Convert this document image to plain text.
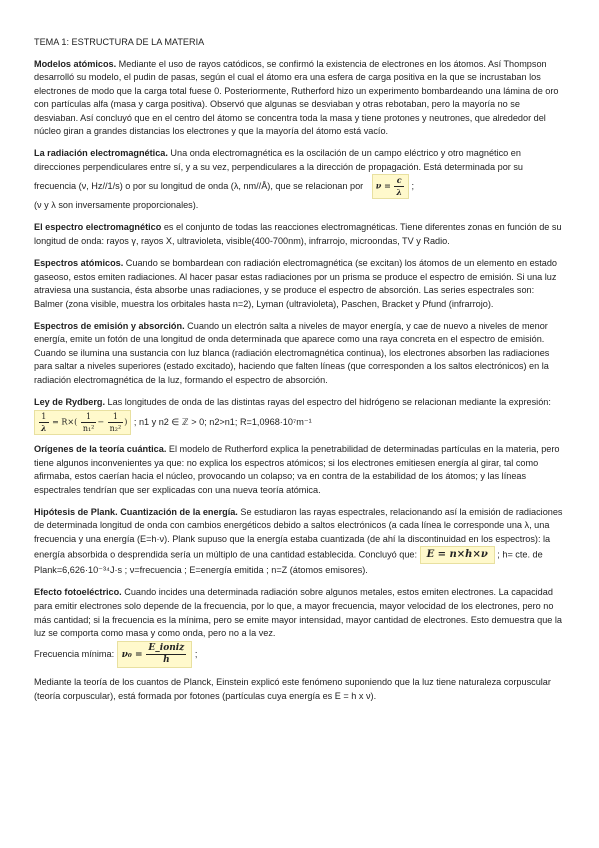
TEMA 1: ESTRUCTURA DE LA MATERIA

Modelos atómicos. Mediante el uso de rayos catódicos, se confirmó la existencia de electrones en los átomos. Así Thompson desarrolló su modelo, el pudin de pasas, según el cual el átomo era una esfera de carga positiva en la que se incrustaban los electrones de modo que la carga total fuese 0. Posteriormente, Rutherford hizo un experimento bombardeando una lámina de oro con partículas alfa (masa y carga positiva). Observó que algunas se desviaban y otras rebotaban, pero la mayoría no se desviaban. Así concluyó que en el centro del átomo se concentra toda la masa y tiene protones y neutrones, que alrededor del núcleo giran a grandes distancias los electrones y que la mayoría del átomo está vacío.

La radiación electromagnética. Una onda electromagnética es la oscilación de un campo eléctrico y otro magnético en direcciones perpendiculares entre sí, y a su vez, perpendiculares a la dirección de propagación. Está determinada por su frecuencia (ν, Hz//1/s) o por su longitud de onda (λ, nm//Å), que se relacionan por $\nu = \frac{c}{\lambda}$ ;
(ν y λ son inversamente proporcionales).

El espectro electromagnético es el conjunto de todas las reacciones electromagnéticas. Tiene diferentes zonas en función de su longitud de onda: rayos γ, rayos X, ultravioleta, visible(400-700nm), infrarrojo, microondas, TV y Radio.

Espectros atómicos. Cuando se bombardean con radiación electromagnética (se excitan) los átomos de un elemento en estado gaseoso, estos emiten radiaciones. Al hacer pasar estas radiaciones por un prisma se produce el espectro de emisión. Si una luz atraviesa una sustancia, ésta absorbe unas radiaciones, y se produce el espectro de absorción. Las series espectrales son: Balmer (zona visible, muestra los orbitales hasta n=2), Lyman (ultravioleta), Paschen, Bracket y Pfund (infrarrojo).

Espectros de emisión y absorción. Cuando un electrón salta a niveles de mayor energía, y cae de nuevo a niveles de menor energía, emite un fotón de una longitud de onda determinada que aparece como una raya concreta en el espectro de emisión. Cuando se ilumina una sustancia con luz blanca (radiación electromagnética continua), los electrones absorben las radiaciones para saltar a niveles superiores (estado excitado), haciendo que falten líneas (que corresponden a los saltos electrónicos) en la radiación electromagnética de la luz, formando el espectro de absorción.

Ley de Rydberg. Las longitudes de onda de las distintas rayas del espectro del hidrógeno se relacionan mediante la expresión:
$\frac{1}{\lambda} = R\times( \frac{1}{\text{n₁²}} - \frac{1}{\text{n₂²}}$ ) ; n1 y n2 ∈ ℤ > 0; n2>n1; R=1,0968·10⁷m⁻¹

Orígenes de la teoría cuántica. El modelo de Rutherford explica la penetrabilidad de determinadas partículas en la materia, pero tiene algunos inconvenientes ya que: no explica los espectros atómicos; si los electrones emitiesen energía al girar, tal como afirmaba, estos caerían hacia el núcleo, provocando un colapso; va en contra de la estabilidad de los átomos; y las líneas espectrales tendrían que ser explicadas con una nueva teoría atómica.

Hipótesis de Plank. Cuantización de la energía. Se estudiaron las rayas espectrales, relacionando así la emisión de radiaciones de determinada longitud de onda con cambios energéticos debido a saltos electrónicos (a cada línea le corresponde una λ, una frecuencia y una energía (E=h·ν). Plank supuso que la energía estaba cuantizada (de ahí la discontinuidad en los espectros): la energía absorbida o desprendida sería un múltiplo de una cantidad establecida. Concluyó que: E = n×h×ν ; h= cte. de Plank=6,626·10⁻³⁴J·s ; ν=frecuencia ; E=energía emitida ; n=Z (átomos emisores).

Efecto fotoeléctrico. Cuando incides una determinada radiación sobre algunos metales, estos emiten electrones. La capacidad para emitir electrones solo depende de la frecuencia, por lo que, a mayor frecuencia, mayor velocidad de los electrones, pero no más cantidad; si la frecuencia es la mínima, pero se emite mayor intensidad, mayor cantidad de electrones. Esto demuestra que la luz se comporta como masa y como onda, pero no a la vez.
Frecuencia mínima: $\nu_0 = \frac{\text{E\_ioniz}}{h}$ ;

Mediante la teoría de los cuantos de Planck, Einstein explicó este fenómeno suponiendo que la luz tiene naturaleza corpuscular (teoría corpuscular), está formada por fotones (partículas cuya energía es E = h x ν).
